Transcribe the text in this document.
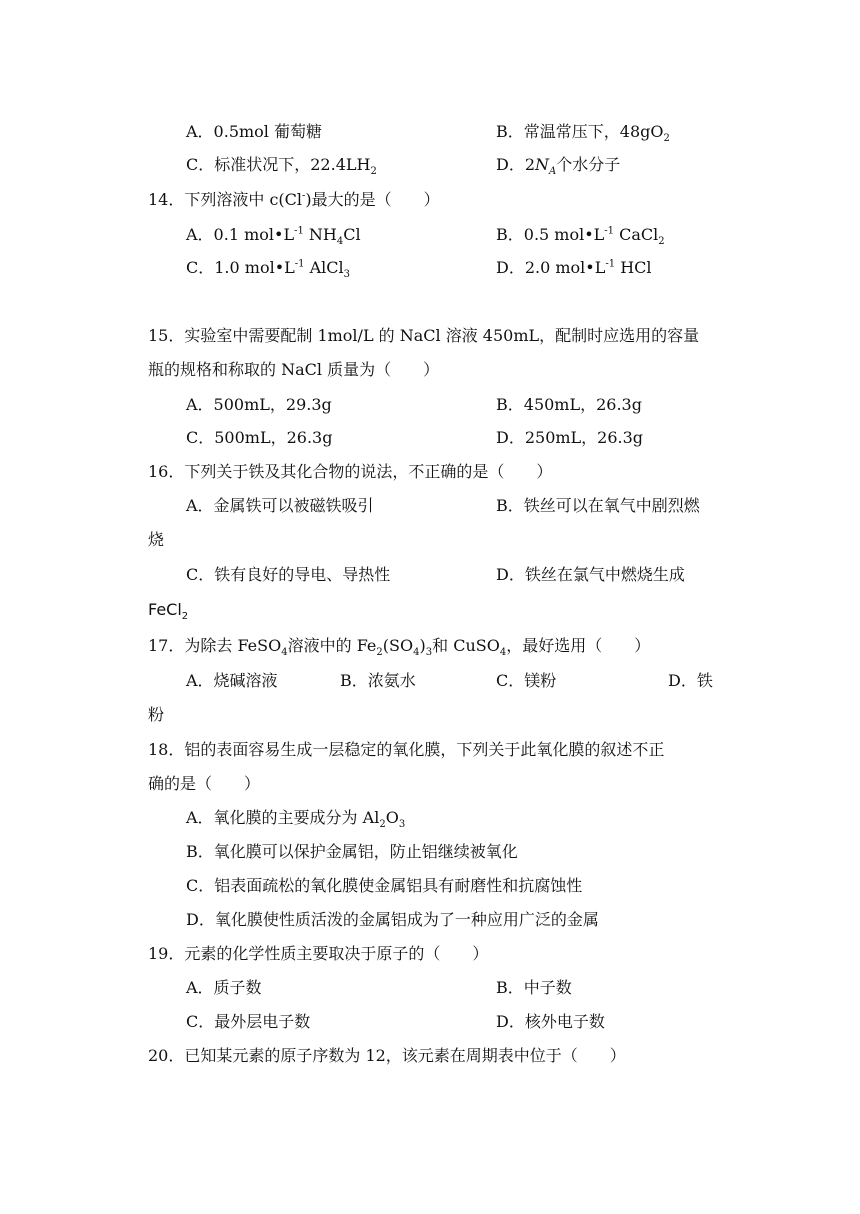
A．0.5mol 葡萄糖	B．常温常压下，$48gO_2$
C．标准状况下，$22.4LH_2$	D．$2N_A$个水分子
14．下列溶液中 c(Cl-)最大的是（　　）
A．0.1 $mol•L^{-1}$ $NH_4Cl$	B．0.5 $mol•L^{-1}$ CaCl$_2$
C．1.0 $mol•L^{-1}$ AlCl$_3$	D．2.0 $mol•L^{-1}$ HCl
15．实验室中需要配制 1mol/L 的 NaCl 溶液 450mL，配制时应选用的容量
瓶的规格和称取的 NaCl 质量为（　　）
A．500mL，29.3g	B．450mL，26.3g
C．500mL，26.3g	D．250mL，26.3g
16．下列关于铁及其化合物的说法，不正确的是（　　）
A．金属铁可以被磁铁吸引	B．铁丝可以在氧气中剧烈燃
烧
C．铁有良好的导电、导热性	D．铁丝在氯气中燃烧生成
FeCl$_2$
17．为除去 FeSO$_4$溶液中的 $Fe_2(SO_4)_3$和 CuSO$_4$，最好选用（　　）
A．烧碱溶液	B．浓氨水	C．镁粉	D．铁
粉
18．铝的表面容易生成一层稳定的氧化膜，下列关于此氧化膜的叙述不正
确的是（　　）
A．氧化膜的主要成分为 $Al_2O_3$
B．氧化膜可以保护金属铝，防止铝继续被氧化
C．铝表面疏松的氧化膜使金属铝具有耐磨性和抗腐蚀性
D．氧化膜使性质活泼的金属铝成为了一种应用广泛的金属
19．元素的化学性质主要取决于原子的（　　）
A．质子数	B．中子数
C．最外层电子数	D．核外电子数
20．已知某元素的原子序数为 12，该元素在周期表中位于（　　）
